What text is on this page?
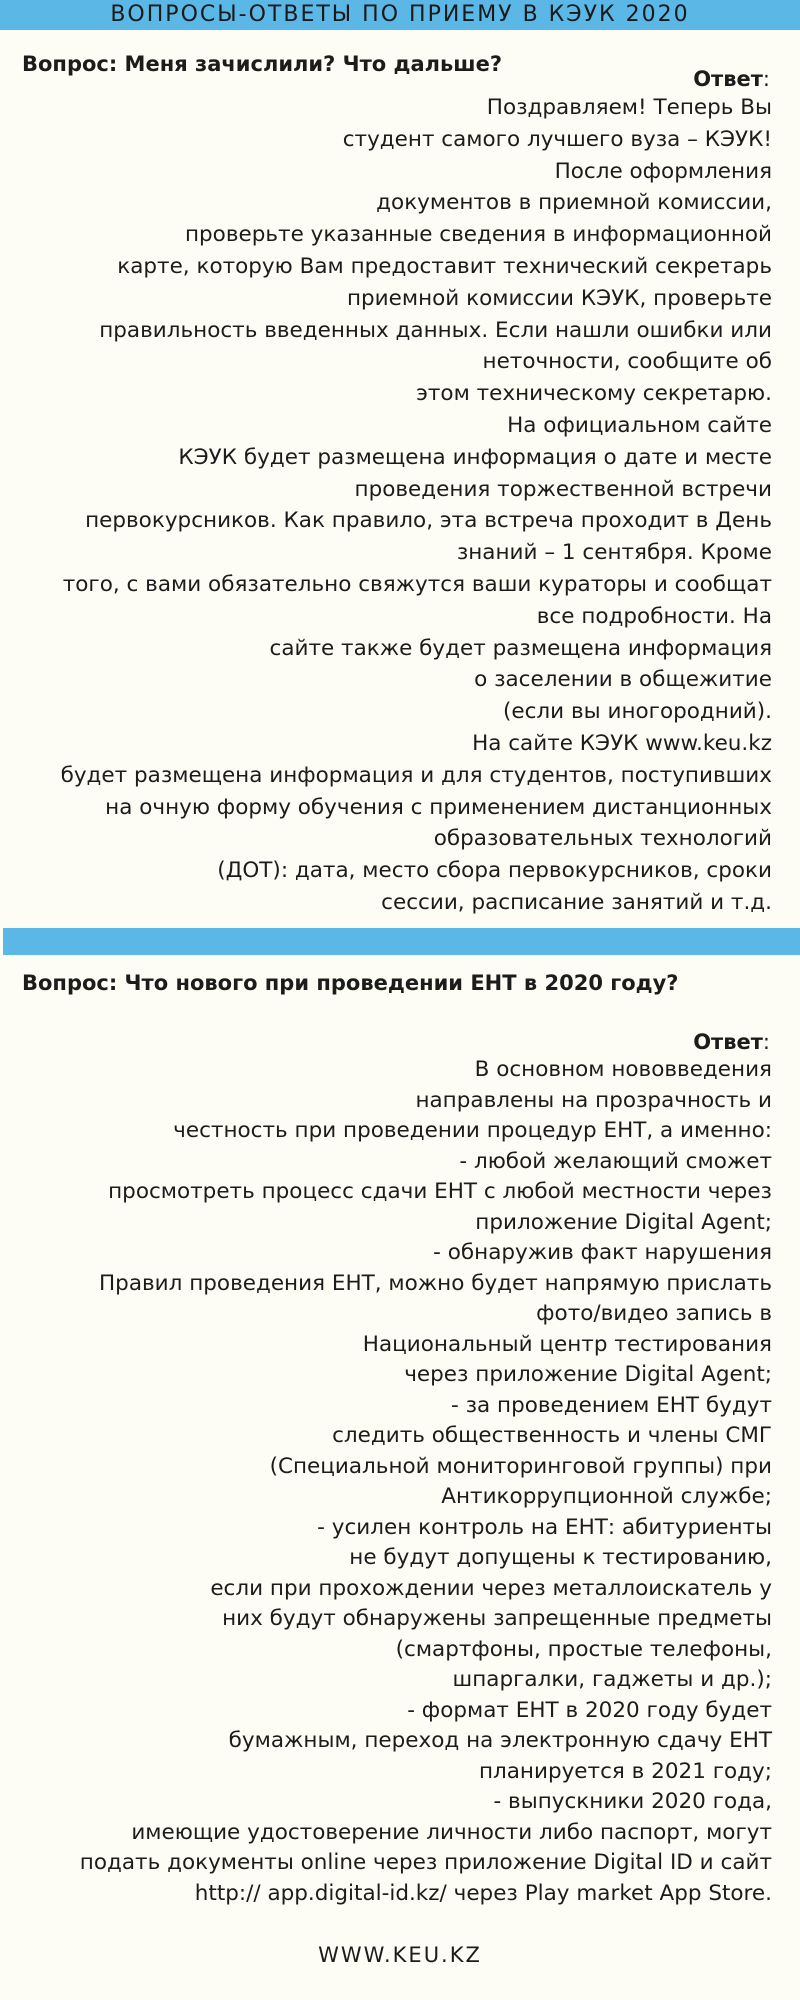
ВОПРОСЫ-ОТВЕТЫ ПО ПРИЕМУ В КЭУК 2020
Вопрос: Меня зачислили? Что дальше?
Ответ:
Поздравляем! Теперь Вы
студент самого лучшего вуза – КЭУК!
После оформления
документов в приемной комиссии,
проверьте указанные сведения в информационной
карте, которую Вам предоставит технический секретарь
приемной комиссии КЭУК, проверьте
правильность введенных данных. Если нашли ошибки или
неточности, сообщите об
этом техническому секретарю.
На официальном сайте
КЭУК будет размещена информация о дате и месте
проведения торжественной встречи
первокурсников. Как правило, эта встреча проходит в День
знаний – 1 сентября. Кроме
того, с вами обязательно свяжутся ваши кураторы и сообщат
все подробности. На
сайте также будет размещена информация
о заселении в общежитие
(если вы иногородний).
На сайте КЭУК www.keu.kz
будет размещена информация и для студентов, поступивших
на очную форму обучения с применением дистанционных
образовательных технологий
(ДОТ): дата, место сбора первокурсников, сроки
сессии, расписание занятий и т.д.
Вопрос: Что нового при проведении ЕНТ в 2020 году?
Ответ:
В основном нововведения
направлены на прозрачность и
честность при проведении процедур ЕНТ, а именно:
- любой желающий сможет
просмотреть процесс сдачи ЕНТ с любой местности через
приложение Digital Agent;
- обнаружив факт нарушения
Правил проведения ЕНТ, можно будет напрямую прислать
фото/видео запись в
Национальный центр тестирования
через приложение Digital Agent;
- за проведением ЕНТ будут
следить общественность и члены СМГ
(Специальной мониторинговой группы) при
Антикоррупционной службе;
- усилен контроль на ЕНТ: абитуриенты
не будут допущены к тестированию,
если при прохождении через металлоискатель у
них будут обнаружены запрещенные предметы
(смартфоны, простые телефоны,
шпаргалки, гаджеты и др.);
- формат ЕНТ в 2020 году будет
бумажным, переход на электронную сдачу ЕНТ
планируется в 2021 году;
- выпускники 2020 года,
имеющие удостоверение личности либо паспорт, могут
подать документы online через приложение Digital ID и сайт
http:// app.digital-id.kz/ через Play market App Store.
WWW.KEU.KZ
